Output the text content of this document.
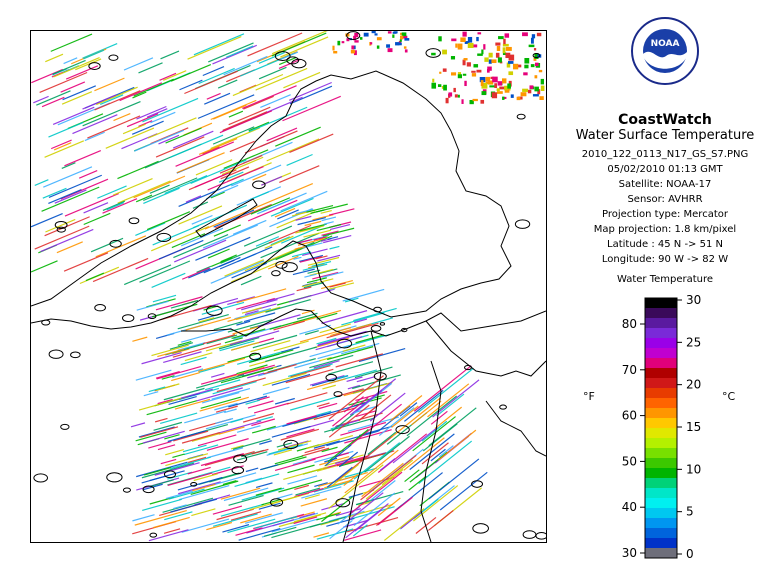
NOAA
CoastWatch
Water Surface Temperature
2010_122_0113_N17_GS_S7.PNG
05/02/2010 01:13 GMT
Satellite: NOAA-17
Sensor: AVHRR
Projection type: Mercator
Map projection: 1.8 km/pixel
Latitude : 45 N -> 51 N
Longitude: 90 W -> 82 W
Water Temperature
°F	°C
80
70
60
50
40
30
30
25
20
15
10
5
0
